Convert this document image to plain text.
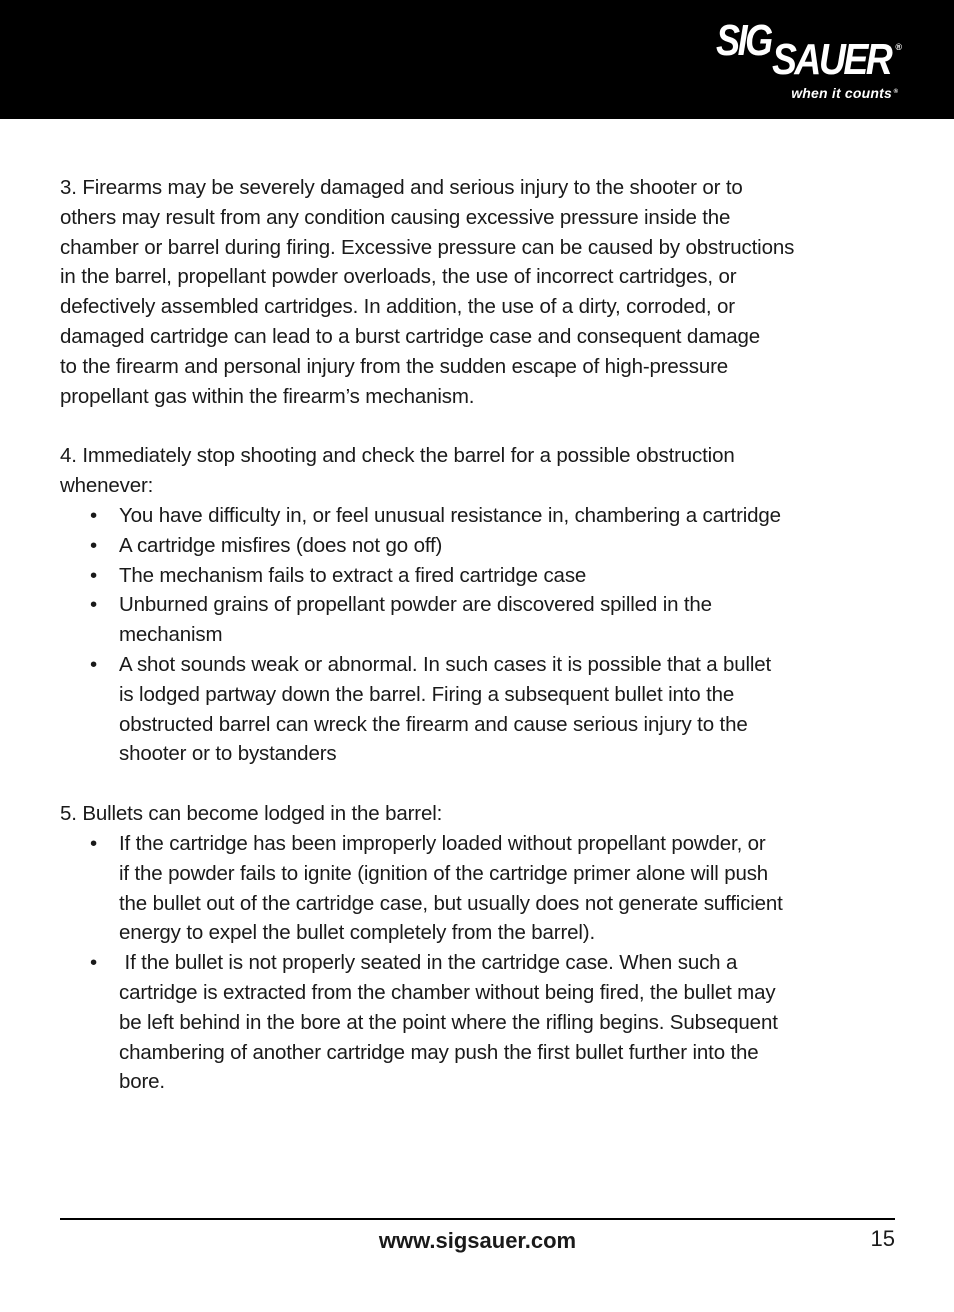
SIG SAUER ®
when it counts ®
3. Firearms may be severely damaged and serious injury to the shooter or to
others may result from any condition causing excessive pressure inside the
chamber or barrel during firing. Excessive pressure can be caused by obstructions
in the barrel, propellant powder overloads, the use of incorrect cartridges, or
defectively assembled cartridges. In addition, the use of a dirty, corroded, or
damaged cartridge can lead to a burst cartridge case and consequent damage
to the firearm and personal injury from the sudden escape of high-pressure
propellant gas within the firearm’s mechanism.
4. Immediately stop shooting and check the barrel for a possible obstruction
whenever:
• You have difficulty in, or feel unusual resistance in, chambering a cartridge
• A cartridge misfires (does not go off)
• The mechanism fails to extract a fired cartridge case
• Unburned grains of propellant powder are discovered spilled in the
mechanism
• A shot sounds weak or abnormal. In such cases it is possible that a bullet
is lodged partway down the barrel. Firing a subsequent bullet into the
obstructed barrel can wreck the firearm and cause serious injury to the
shooter or to bystanders
5. Bullets can become lodged in the barrel:
• If the cartridge has been improperly loaded without propellant powder, or
if the powder fails to ignite (ignition of the cartridge primer alone will push
the bullet out of the cartridge case, but usually does not generate sufficient
energy to expel the bullet completely from the barrel).
• If the bullet is not properly seated in the cartridge case. When such a
cartridge is extracted from the chamber without being fired, the bullet may
be left behind in the bore at the point where the rifling begins. Subsequent
chambering of another cartridge may push the first bullet further into the
bore.
www.sigsauer.com	15
